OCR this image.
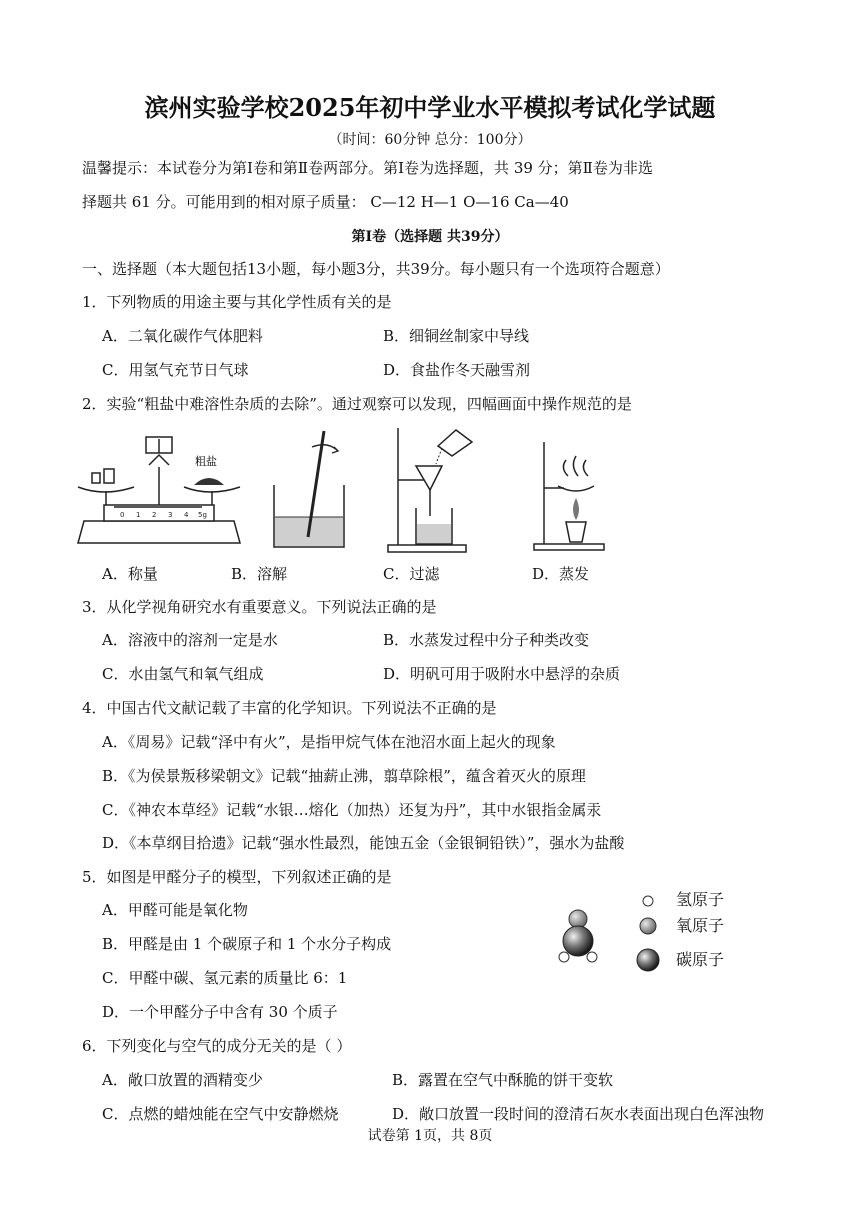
滨州实验学校2025年初中学业水平模拟考试化学试题
（时间：60分钟 总分：100分）
温馨提示：本试卷分为第Ⅰ卷和第Ⅱ卷两部分。第Ⅰ卷为选择题，共 39 分；第Ⅱ卷为非选
择题共 61 分。可能用到的相对原子质量： C—12 H—1 O—16 Ca—40
第Ⅰ卷（选择题 共39分）
一、选择题（本大题包括13小题，每小题3分，共39分。每小题只有一个选项符合题意）
1．下列物质的用途主要与其化学性质有关的是
A．二氧化碳作气体肥料	B．细铜丝制家中导线
C．用氢气充节日气球	D．食盐作冬天融雪剂
2．实验“粗盐中难溶性杂质的去除”。通过观察可以发现，四幅画面中操作规范的是
粗盐
0 1 2 3 4 5g
A．称量	B．溶解	C．过滤	D．蒸发
3．从化学视角研究水有重要意义。下列说法正确的是
A．溶液中的溶剂一定是水	B．水蒸发过程中分子种类改变
C．水由氢气和氧气组成	D．明矾可用于吸附水中悬浮的杂质
4．中国古代文献记载了丰富的化学知识。下列说法不正确的是
A．《周易》记载“泽中有火”，是指甲烷气体在池沼水面上起火的现象
B．《为侯景叛移梁朝文》记载“抽薪止沸，翦草除根”，蕴含着灭火的原理
C．《神农本草经》记载“水银…熔化（加热）还复为丹”，其中水银指金属汞
D．《本草纲目拾遗》记载“强水性最烈，能蚀五金（金银铜铅铁）”，强水为盐酸
5．如图是甲醛分子的模型，下列叙述正确的是
A．甲醛可能是氧化物
B．甲醛是由 1 个碳原子和 1 个水分子构成
C．甲醛中碳、氢元素的质量比 6：1
D．一个甲醛分子中含有 30 个质子
氢原子
氧原子
碳原子
6．下列变化与空气的成分无关的是（ ）
A．敞口放置的酒精变少	B．露置在空气中酥脆的饼干变软
C．点燃的蜡烛能在空气中安静燃烧	D．敞口放置一段时间的澄清石灰水表面出现白色浑浊物
试卷第 1页，共 8页
